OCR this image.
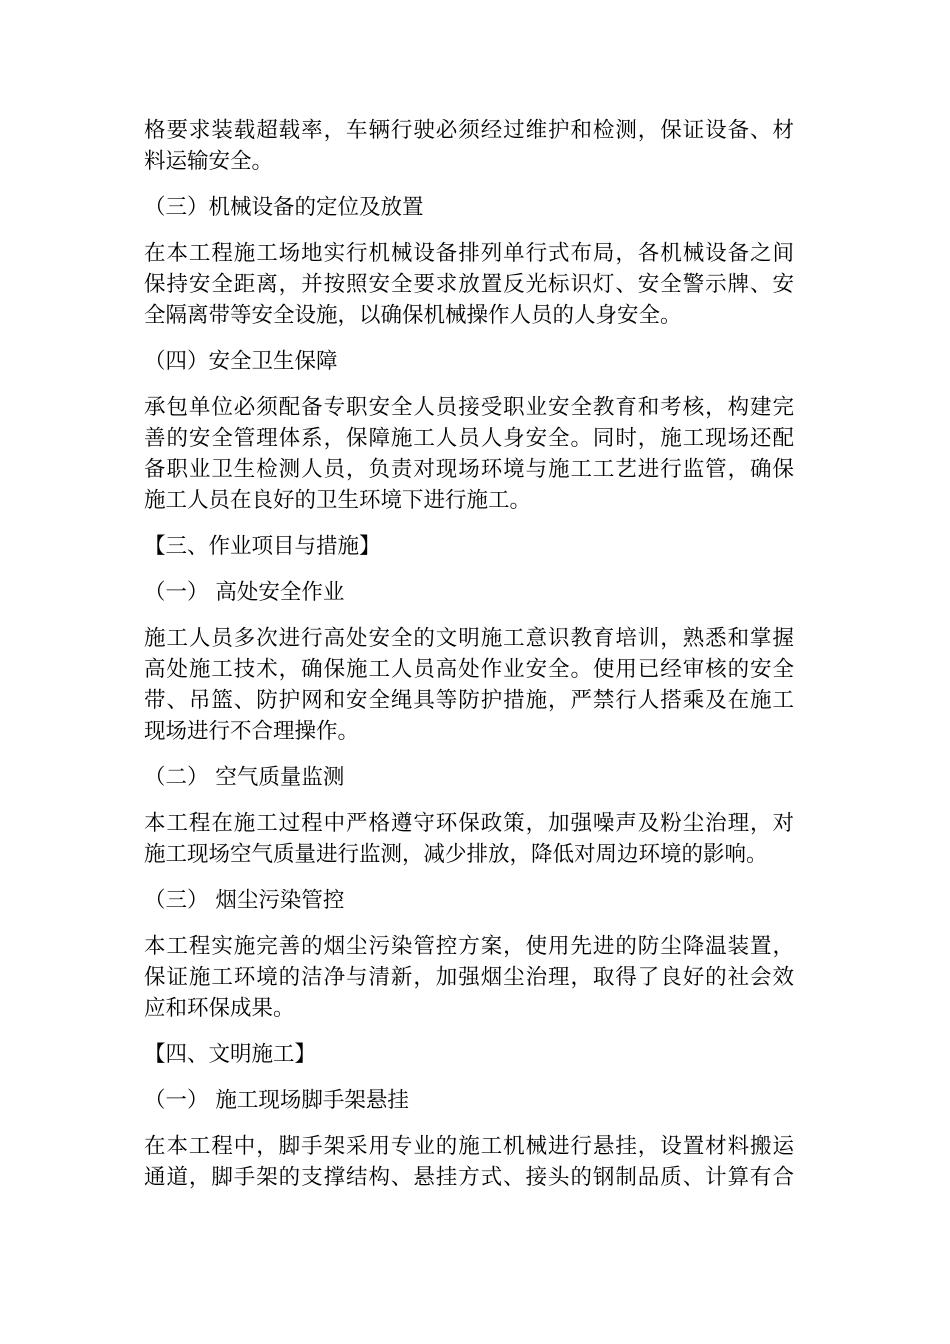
格要求装载超载率，车辆行驶必须经过维护和检测，保证设备、材
料运输安全。
（三）机械设备的定位及放置
在本工程施工场地实行机械设备排列单行式布局，各机械设备之间
保持安全距离，并按照安全要求放置反光标识灯、安全警示牌、安
全隔离带等安全设施，以确保机械操作人员的人身安全。
（四）安全卫生保障
承包单位必须配备专职安全人员接受职业安全教育和考核，构建完
善的安全管理体系，保障施工人员人身安全。同时，施工现场还配
备职业卫生检测人员，负责对现场环境与施工工艺进行监管，确保
施工人员在良好的卫生环境下进行施工。
【三、作业项目与措施】
（一） 高处安全作业
施工人员多次进行高处安全的文明施工意识教育培训，熟悉和掌握
高处施工技术，确保施工人员高处作业安全。使用已经审核的安全
带、吊篮、防护网和安全绳具等防护措施，严禁行人搭乘及在施工
现场进行不合理操作。
（二） 空气质量监测
本工程在施工过程中严格遵守环保政策，加强噪声及粉尘治理，对
施工现场空气质量进行监测，减少排放，降低对周边环境的影响。
（三） 烟尘污染管控
本工程实施完善的烟尘污染管控方案，使用先进的防尘降温装置，
保证施工环境的洁净与清新，加强烟尘治理，取得了良好的社会效
应和环保成果。
【四、文明施工】
（一） 施工现场脚手架悬挂
在本工程中，脚手架采用专业的施工机械进行悬挂，设置材料搬运
通道，脚手架的支撑结构、悬挂方式、接头的钢制品质、计算有合
